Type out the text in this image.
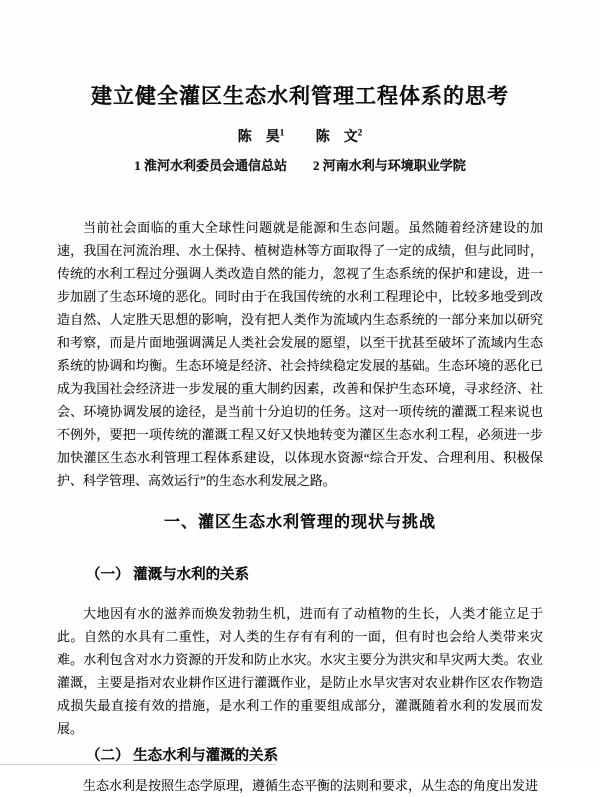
建立健全灌区生态水利管理工程体系的思考
陈　昊$^1$ 陈　文$^2$
1 淮河水利委员会通信总站　　2 河南水利与环境职业学院

当前社会面临的重大全球性问题就是能源和生态问题。虽然随着经济建设的加速，我国在河流治理、水土保持、植树造林等方面取得了一定的成绩，但与此同时，传统的水利工程过分强调人类改造自然的能力，忽视了生态系统的保护和建设，进一步加剧了生态环境的恶化。同时由于在我国传统的水利工程理论中，比较多地受到改造自然、人定胜天思想的影响，没有把人类作为流域内生态系统的一部分来加以研究和考察，而是片面地强调满足人类社会发展的愿望，以至干扰甚至破坏了流域内生态系统的协调和均衡。生态环境是经济、社会持续稳定发展的基础。生态环境的恶化已成为我国社会经济进一步发展的重大制约因素，改善和保护生态环境，寻求经济、社会、环境协调发展的途径，是当前十分迫切的任务。这对一项传统的灌溉工程来说也不例外，要把一项传统的灌溉工程又好又快地转变为灌区生态水利工程，必须进一步加快灌区生态水利管理工程体系建设，以体现水资源“综合开发、合理利用、积极保护、科学管理、高效运行”的生态水利发展之路。

一、灌区生态水利管理的现状与挑战
（一） 灌溉与水利的关系

大地因有水的滋养而焕发勃勃生机，进而有了动植物的生长，人类才能立足于此。自然的水具有二重性，对人类的生存有有利的一面，但有时也会给人类带来灾难。水利包含对水力资源的开发和防止水灾。水灾主要分为洪灾和旱灾两大类。农业灌溉，主要是指对农业耕作区进行灌溉作业，是防止水旱灾害对农业耕作区农作物造成损失最直接有效的措施，是水利工作的重要组成部分，灌溉随着水利的发展而发展。

（二） 生态水利与灌溉的关系

生态水利是按照生态学原理，遵循生态平衡的法则和要求，从生态的角度出发进
